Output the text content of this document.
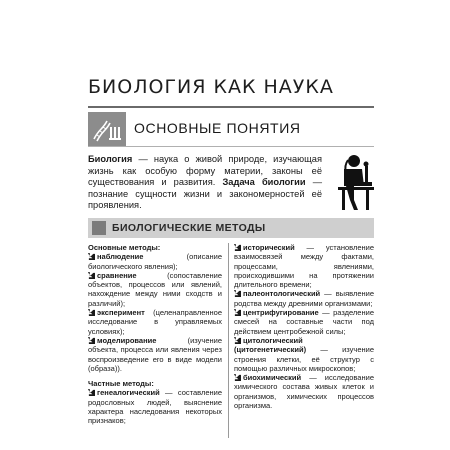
БИОЛОГИЯ КАК НАУКА
ОСНОВНЫЕ ПОНЯТИЯ
Биология — наука о живой природе, изучающая жизнь как особую форму материи, законы её существования и развития. Задача биологии — познание сущности жизни и закономерностей её проявления.
БИОЛОГИЧЕСКИЕ МЕТОДЫ
Основные методы:
наблюдение (описание биологического явления);
сравнение (сопоставление объектов, процессов или явлений, нахождение между ними сходств и различий);
эксперимент (целенаправленное исследование в управляемых условиях);
моделирование (изучение объекта, процесса или явления через воспроизведение его в виде модели (образа)).
Частные методы:
генеалогический — составление родословных людей, выяснение характера наследования некоторых признаков;
исторический — установление взаимосвязей между фактами, процессами, явлениями, происходившими на протяжении длительного времени;
палеонтологический — выявление родства между древними организмами;
центрифугирование — разделение смесей на составные части под действием центробежной силы;
цитологический (цитогенетический) — изучение строения клетки, её структур с помощью различных микроскопов;
биохимический — исследование химического состава живых клеток и организмов, химических процессов организма.
